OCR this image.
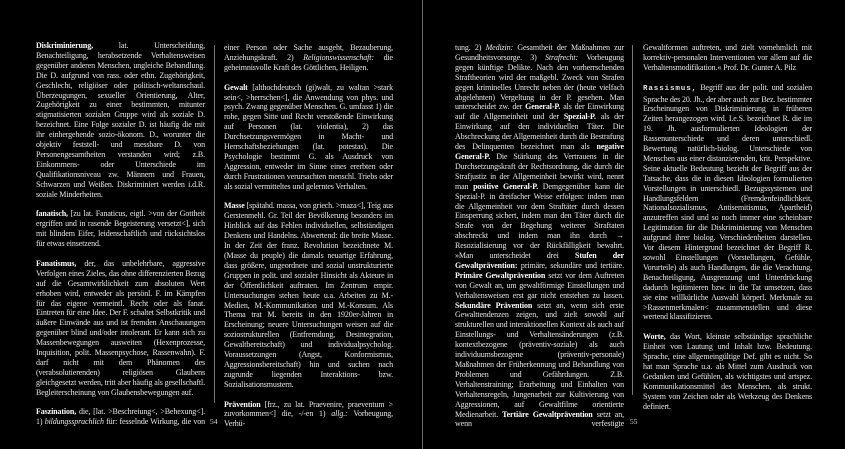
Diskriminierung, lat. Unterscheidung, Benachteiligung, herabsetzende Verhaltensweisen gegenüber anderen Menschen, ungleiche Behandlung. Die D. aufgrund von rass. oder ethn. Zugehörigkeit, Geschlecht, religiöser oder politisch-weltanschaul. Überzeugungen, sexueller Orientierung, Alter, Zugehörigkeit zu einer bestimmten, mitunter stigmatisierten sozialen Gruppe wird als soziale D. bezeichnet. Eine Folge sozialer D. ist häufig die mit ihr einhergehende sozio-ökonom. D., worunter die objektiv feststell- und messbare D. von Personengesamtheiten verstanden wird; z.B. Einkommens- oder Unterschiede im Qualifikationsniveau zw. Männern und Frauen, Schwarzen und Weißen. Diskriminiert werden i.d.R. soziale Minderheiten.

fanatisch, [zu lat. Fanaticus, eigtl. >von der Gottheit ergriffen und in rasende Begeisterung versetzt<], sich mit blindem Eifer, leidenschaftlich und rücksichtslos für etwas einsetzend.

Fanatismus, der, das unbelehrbare, aggressive Verfolgen eines Zieles, das ohne differenzierten Bezug auf die Gesamtwirklichkeit zum absoluten Wert erhoben wird, entweder als persönl. F. im Kämpfen für das eigene vermeintl. Recht oder als fanat. Eintreten für eine Idee. Der F. schaltet Selbstkritik und äußere Einwände aus und ist fremden Anschauungen gegenüber blind und/oder intolerant. Er kann sich zu Massenbewegungen ausweiten (Hexenprozesse, Inquisition, polit. Massenpsychose, Rassenwahn). F. darf nicht mit dem Phänomen des (verabsolutierenden) religiösen Glaubens gleichgesetzt werden, tritt aber häufig als gesellschaftl. Begleiterscheinung von Glaubensbewegungen auf.

Faszination, die, [lat. >Beschreiung<, >Behexung<]. 1) bildungssprachlich für: fesselnde Wirkung, die von

einer Person oder Sache ausgeht, Bezauberung, Anziehungskraft. 2) Religionswissenschaft: die geheimnisvolle Kraft des Göttlichen, Heiligen.

Gewalt [althochdeutsch (gi)walt, zu waltan >stark sein<, >herrschen<], die Anwendung von phys. und psych. Zwang gegenüber Menschen. G. umfasst 1) die rohe, gegen Sitte und Recht verstoßende Einwirkung auf Personen (lat. violentia), 2) das Durchsetzungsvermögen in Macht- und Herrschaftsbeziehungen (lat. potestas). Die Psychologie bestimmt G. als Ausdruck von Aggression, entweder im Sinne eines ererbten oder durch Frustrationen verursachten menschl. Triebs oder als sozial vermitteltes und gelerntes Verhalten.

Masse [spätahd. massa, von griech. >maza<], Teig aus Gerstenmehl. Gr. Teil der Bevölkerung besonders im Hinblick auf das Fehlen individuellen, selbständigen Denkens und Handelns. Abwertend: die breite Masse. In der Zeit der franz. Revolution bezeichnete M. (Masse du peuple) die damals neuartige Erfahrung, dass größere, ungeordnete und sozial unstrukturierte Gruppen in polit. und sozialer Hinsicht als Akteure in der Öffentlichkeit auftraten. Im Zentrum empir. Untersuchungen stehen heute u.a. Arbeiten zu M.-Medien, M.-Kommunikation und M.-Konsum. Als Thema trat M. bereits in den 1920er-Jahren in Erscheinung; neuere Untersuchungen weisen auf die soziostrukturellen (Entfremdung, Desintegration, Gewaltbereitschaft) und individualpsycholog. Voraussetzungen (Angst, Konformismus, Aggressionsbereitschaft) hin und suchen nach zugrunde liegenden Interaktions- bzw. Sozialisationsmustern.

Prävention [frz., zu lat. Praevenire, praeventum > zuvorkommen<] die, -/-en 1) allg.: Vorbeugung, Verhü-

tung. 2) Medizin: Gesamtheit der Maßnahmen zur Gesundheitsvorsorge. 3) Strafrecht: Vorbeugung gegen künftige Delikte. Nach den vorherrschenden Straftheorien wird der maßgebl. Zweck von Strafen gegen kriminelles Unrecht neben der (heute vielfach abgelehnten) Vergeltung in der P. gesehen. Man unterscheidet zw. der General-P. als der Einwirkung auf die Allgemeinheit und der Spezial-P. als der Einwirkung auf den individuellen Täter. Die Abschreckung der Allgemeinheit durch die Bestrafung des Delinquenten bezeichnet man als negative General-P. Die Stärkung des Vertrauens in die Durchsetzungskraft der Rechtsordnung, die durch die Strafjustiz in der Allgemeinheit bewirkt wird, nennt man positive General-P. Demgegenüber kann die Spezial-P. in dreifacher Weise erfolgen: indem man die Allgemeinheit vor dem Straftäter durch dessen Einsperrung sichert, indem man den Täter durch die Strafe von der Begehung weiterer Straftaten abschreckt und indem man ihn durch → Resozialisierung vor der Rückfälligkeit bewahrt. »Man unterscheidet drei Stufen der Gewaltprävention: primäre, sekundäre und tertiäre. Primäre Gewaltprävention setzt vor dem Auftreten von Gewalt an, um gewaltförmige Einstellungen und Verhaltensweisen erst gar nicht entstehen zu lassen. Sekundäre Prävention setzt an, wenn sich erste Gewalttendenzen zeigen, und zielt sowohl auf strukturellen und interaktionellen Kontext als auch auf Einstellungs- und Verhaltensänderungen (z.B. kontextbezogene (präventiv-soziale) als auch individuumsbezogene (präventiv-personale) Maßnahmen der Früherkennung und Behandlung von Problemen und Gefährdungen. Z.B. Verhaltenstraining; Erarbeitung und Einhalten von Verhaltensregeln, Jungenarbeit zur Kultivierung von Aggressionen, auf Gewaltfilme orientierte Medienarbeit. Tertiäre Gewaltprävention setzt an, wenn verfestigte

Gewaltformen auftreten, und zielt vornehmlich mit korrektiv-personalen Interventionen vor allem auf die Verhaltensmodifikation.« Prof. Dr. Gunter A. Pilz

Rassismus, Begriff aus der polit. und sozialen Sprache des 20. Jh., der aber auch zur Bez. bestimmter Erscheinungen von Diskriminierung in früheren Zeiten herangezogen wird. I.e.S. bezeichnet R. die im 19. Jh. ausformulierten Ideologien der Rassenunterschiede und deren unterschiedl. Bewertung natürlich-biolog. Unterschiede von Menschen aus einer distanzierenden, krit. Perspektive. Seine aktuelle Bedeutung bezieht der Begriff aus der Tatsache, dass die in diesen Ideologien formulierten Vorstellungen in unterschiedl. Bezugssystemen und Handlungsfeldern (Fremdenfeindlichkeit, Nationalsozialismus, Antisemitismus, Apartheid) anzutreffen sind und so noch immer eine scheinbare Legitimation für die Diskriminierung von Menschen aufgrund ihrer biolog. Verschiedenheiten darstellen. Vor diesem Hintergrund bezeichnet der Begriff R. sowohl Einstellungen (Vorstellungen, Gefühle, Vorurteile) als auch Handlungen, die die Verachtung, Benachteiligung, Ausgrenzung und Unterdrückung dadurch legitimieren bzw. in die Tat umsetzen, dass sie eine willkürliche Auswahl körperl. Merkmale zu >Rassenmerkmalen< zusammenstellen und diese wertend klassifizieren.

Worte, das Wort, kleinste selbständige sprachliche Einheit von Lautung und Inhalt bzw. Bedeutung. Sprache, eine allgemeingültige Def. gibt es nicht. So hat man Sprache u.a. als Mittel zum Ausdruck von Gedanken und Gefühlen, als wichtigstes und artspez. Kommunikationsmittel des Menschen, als strukt. System von Zeichen oder als Werkzeug des Denkens definiert.

54	55
